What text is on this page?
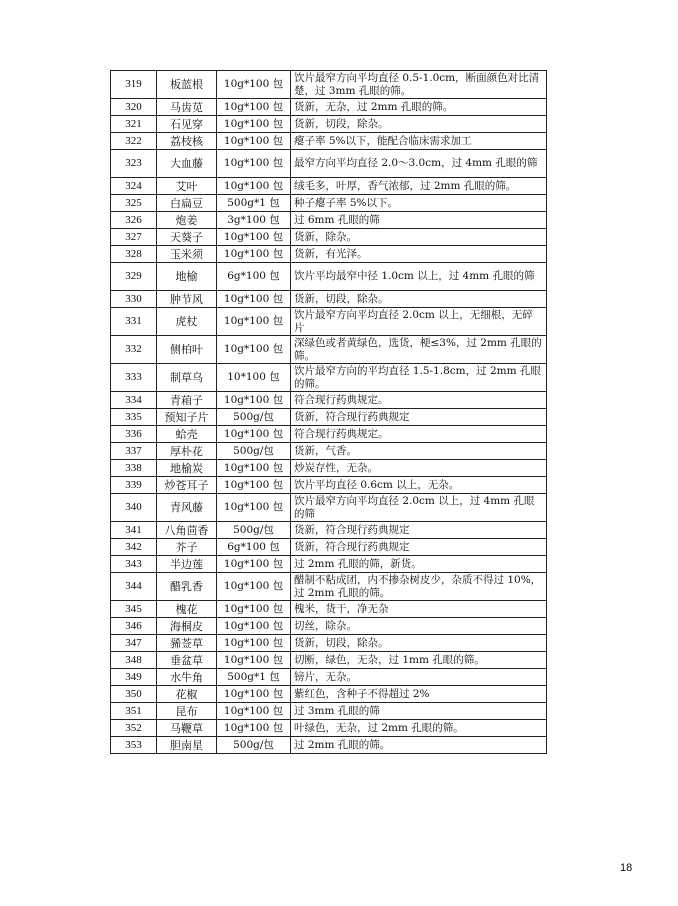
319	板蓝根	10g*100 包	饮片最窄方向平均直径 0.5-1.0cm，断面颜色对比清楚，过 3mm 孔眼的筛。
320	马齿苋	10g*100 包	货新，无杂，过 2mm 孔眼的筛。
321	石见穿	10g*100 包	货新，切段，除杂。
322	荔枝核	10g*100 包	瘪子率 5%以下，能配合临床需求加工
323	大血藤	10g*100 包	最窄方向平均直径 2.0～3.0cm，过 4mm 孔眼的筛
324	艾叶	10g*100 包	绒毛多，叶厚，香气浓郁，过 2mm 孔眼的筛。
325	白扁豆	500g*1 包	种子瘪子率 5%以下。
326	炮姜	3g*100 包	过 6mm 孔眼的筛
327	天葵子	10g*100 包	货新，除杂。
328	玉米须	10g*100 包	货新，有光泽。
329	地榆	6g*100 包	饮片平均最窄中径 1.0cm 以上，过 4mm 孔眼的筛
330	肿节风	10g*100 包	货新，切段，除杂。
331	虎杖	10g*100 包	饮片最窄方向平均直径 2.0cm 以上，无细根，无碎片
332	侧柏叶	10g*100 包	深绿色或者黄绿色，选货，梗≤3%，过 2mm 孔眼的筛。
333	制草乌	10*100 包	饮片最窄方向的平均直径 1.5-1.8cm，过 2mm 孔眼的筛。
334	青葙子	10g*100 包	符合现行药典规定。
335	预知子片	500g/包	货新，符合现行药典规定
336	蛤壳	10g*100 包	符合现行药典规定。
337	厚朴花	500g/包	货新，气香。
338	地榆炭	10g*100 包	炒炭存性，无杂。
339	炒苍耳子	10g*100 包	饮片平均直径 0.6cm 以上，无杂。
340	青风藤	10g*100 包	饮片最窄方向平均直径 2.0cm 以上，过 4mm 孔眼的筛
341	八角茴香	500g/包	货新，符合现行药典规定
342	芥子	6g*100 包	货新，符合现行药典规定
343	半边莲	10g*100 包	过 2mm 孔眼的筛，新货。
344	醋乳香	10g*100 包	醋制不粘成团，内不掺杂树皮少，杂质不得过 10%，过 2mm 孔眼的筛。
345	槐花	10g*100 包	槐米，货干，净无杂
346	海桐皮	10g*100 包	切丝，除杂。
347	豨莶草	10g*100 包	货新，切段，除杂。
348	垂盆草	10g*100 包	切断，绿色，无杂，过 1mm 孔眼的筛。
349	水牛角	500g*1 包	镑片，无杂。
350	花椒	10g*100 包	紫红色，含种子不得超过 2%
351	昆布	10g*100 包	过 3mm 孔眼的筛
352	马鞭草	10g*100 包	叶绿色，无杂，过 2mm 孔眼的筛。
353	胆南星	500g/包	过 2mm 孔眼的筛。
18
